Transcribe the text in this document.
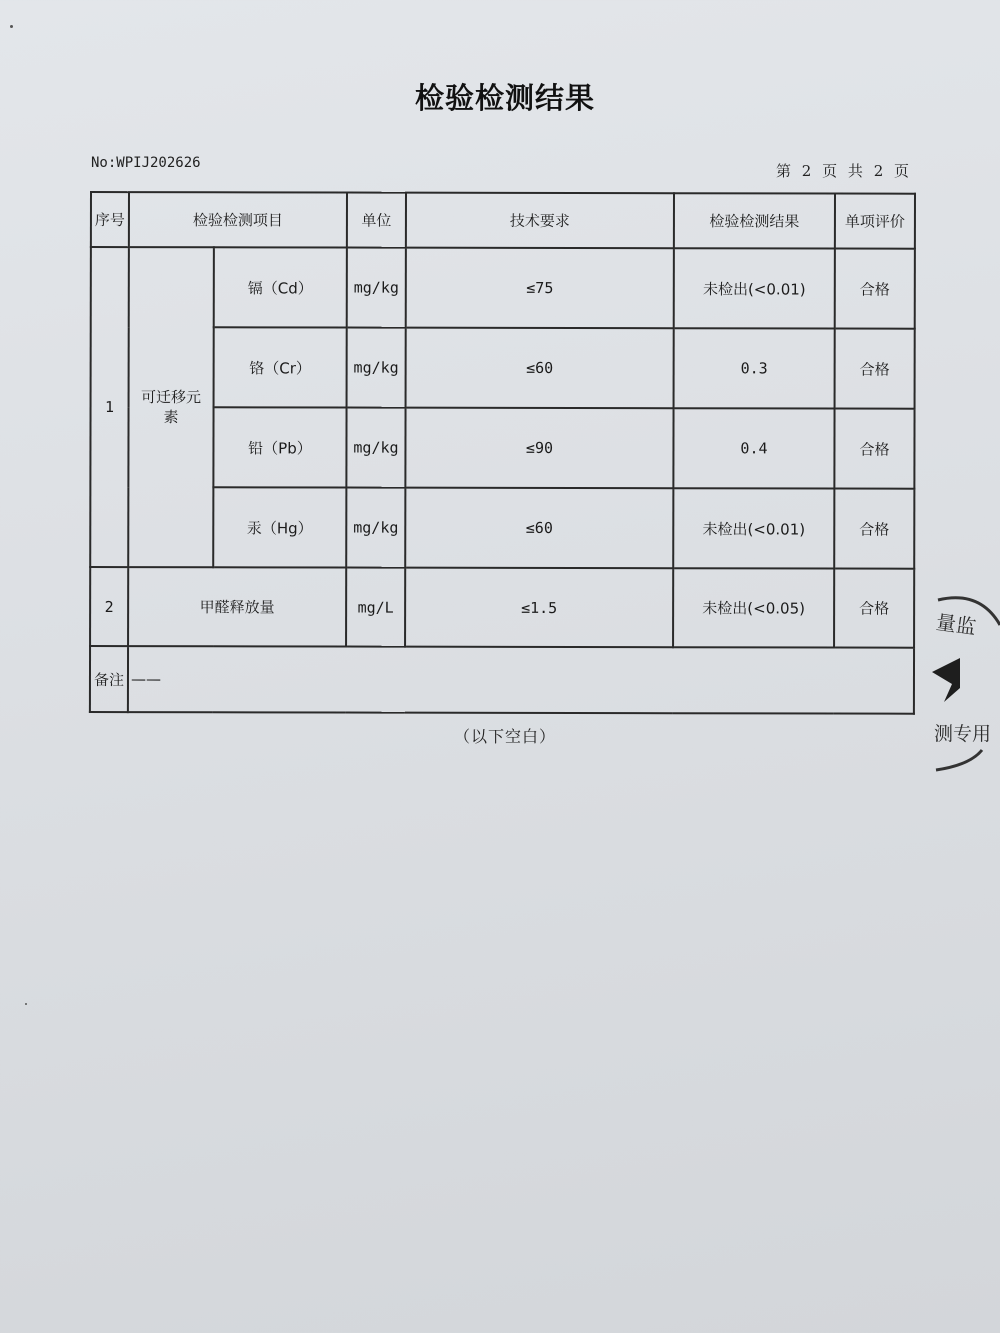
检验检测结果
No:WPIJ202626	第 2 页 共 2 页
序号	检验检测项目		单位	技术要求	检验检测结果	单项评价
1	可迁移元素	镉（Cd）	mg/kg	≤75	未检出(<0.01)	合格
		铬（Cr）	mg/kg	≤60	0.3	合格
		铅（Pb）	mg/kg	≤90	0.4	合格
		汞（Hg）	mg/kg	≤60	未检出(<0.01)	合格
2	甲醛释放量		mg/L	≤1.5	未检出(<0.05)	合格
备注	——					
（以下空白）
量监
测专用
